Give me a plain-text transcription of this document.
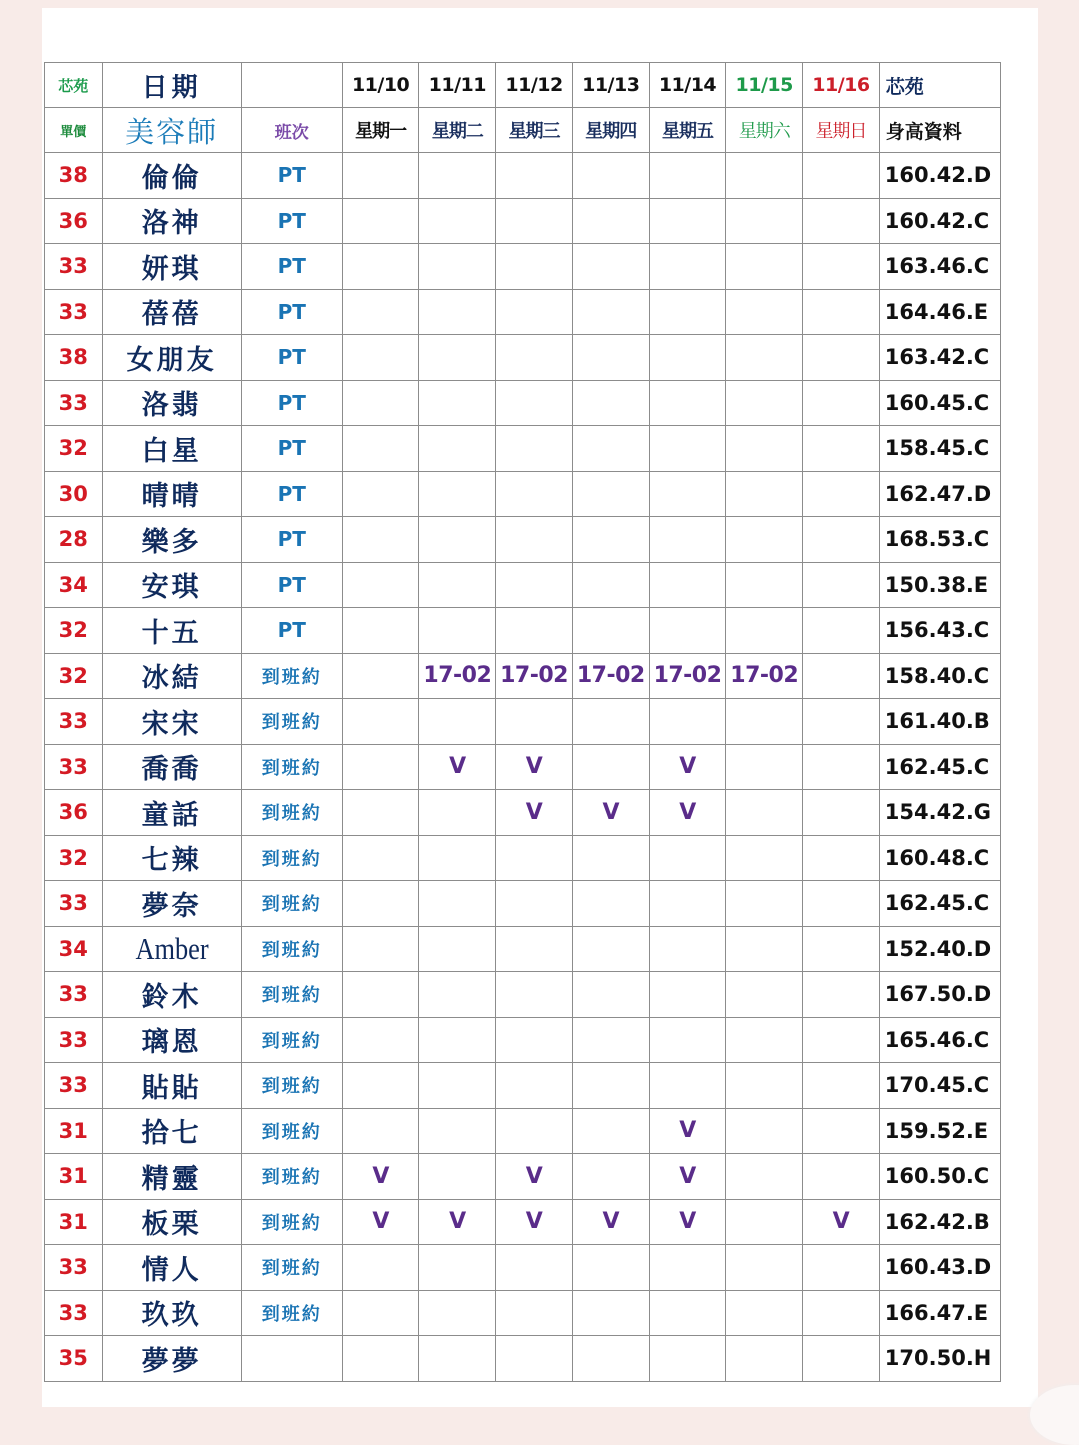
芯苑	日期		11/10	11/11	11/12	11/13	11/14	11/15	11/16	芯苑
單價	美容師	班次	星期一	星期二	星期三	星期四	星期五	星期六	星期日	身高資料
38	倫倫	PT								160.42.D
36	洛神	PT								160.42.C
33	妍琪	PT								163.46.C
33	蓓蓓	PT								164.46.E
38	女朋友	PT								163.42.C
33	洛翡	PT								160.45.C
32	白星	PT								158.45.C
30	晴晴	PT								162.47.D
28	樂多	PT								168.53.C
34	安琪	PT								150.38.E
32	十五	PT								156.43.C
32	冰結	到班約		17-02	17-02	17-02	17-02	17-02		158.40.C
33	宋宋	到班約								161.40.B
33	喬喬	到班約		V	V		V			162.45.C
36	童話	到班約			V	V	V			154.42.G
32	七辣	到班約								160.48.C
33	夢奈	到班約								162.45.C
34	Amber	到班約								152.40.D
33	鈴木	到班約								167.50.D
33	璃恩	到班約								165.46.C
33	貼貼	到班約								170.45.C
31	拾七	到班約					V			159.52.E
31	精靈	到班約	V		V		V			160.50.C
31	板栗	到班約	V	V	V	V	V		V	162.42.B
33	情人	到班約								160.43.D
33	玖玖	到班約								166.47.E
35	夢夢									170.50.H
